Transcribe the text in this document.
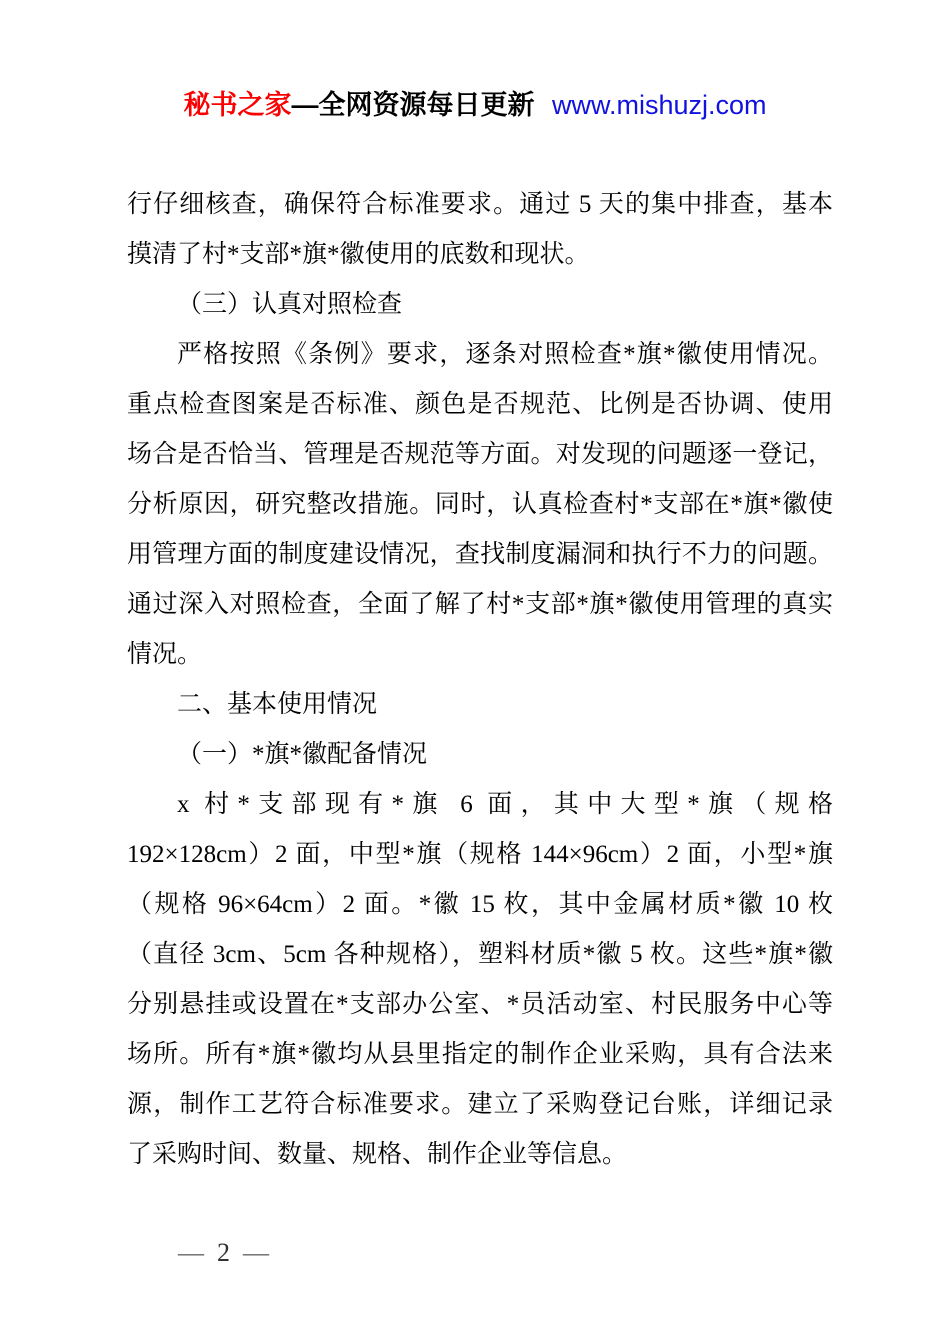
秘书之家—全网资源每日更新 www.mishuzj.com
行仔细核查，确保符合标准要求。通过 5 天的集中排查，基本
摸清了村*支部*旗*徽使用的底数和现状。
（三）认真对照检查
严格按照《条例》要求，逐条对照检查*旗*徽使用情况。
重点检查图案是否标准、颜色是否规范、比例是否协调、使用
场合是否恰当、管理是否规范等方面。对发现的问题逐一登记，
分析原因，研究整改措施。同时，认真检查村*支部在*旗*徽使
用管理方面的制度建设情况，查找制度漏洞和执行不力的问题。
通过深入对照检查，全面了解了村*支部*旗*徽使用管理的真实
情况。
二、基本使用情况
（一）*旗*徽配备情况
x 村*支部现有*旗 6 面，其中大型*旗（规格
192×128cm）2 面，中型*旗（规格 144×96cm）2 面，小型*旗
（规格 96×64cm）2 面。*徽 15 枚，其中金属材质*徽 10 枚
（直径 3cm、5cm 各种规格），塑料材质*徽 5 枚。这些*旗*徽
分别悬挂或设置在*支部办公室、*员活动室、村民服务中心等
场所。所有*旗*徽均从县里指定的制作企业采购，具有合法来
源，制作工艺符合标准要求。建立了采购登记台账，详细记录
了采购时间、数量、规格、制作企业等信息。
— 2 —
